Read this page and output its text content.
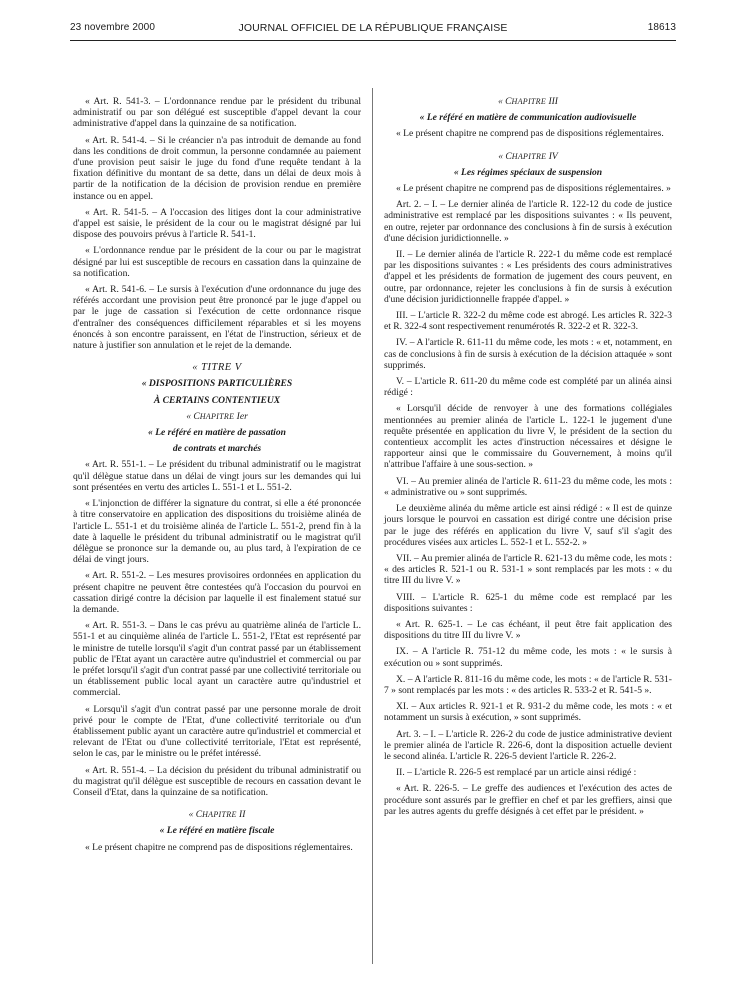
23 novembre 2000	JOURNAL OFFICIEL DE LA RÉPUBLIQUE FRANÇAISE	18613

« Art. R. 541-3. – L'ordonnance rendue par le président du tribunal administratif ou par son délégué est susceptible d'appel devant la cour administrative d'appel dans la quinzaine de sa notification.

« Art. R. 541-4. – Si le créancier n'a pas introduit de demande au fond dans les conditions de droit commun, la personne condamnée au paiement d'une provision peut saisir le juge du fond d'une requête tendant à la fixation définitive du montant de sa dette, dans un délai de deux mois à partir de la notification de la décision de provision rendue en première instance ou en appel.

« Art. R. 541-5. – A l'occasion des litiges dont la cour administrative d'appel est saisie, le président de la cour ou le magistrat désigné par lui dispose des pouvoirs prévus à l'article R. 541-1.

« L'ordonnance rendue par le président de la cour ou par le magistrat désigné par lui est susceptible de recours en cassation dans la quinzaine de sa notification.

« Art. R. 541-6. – Le sursis à l'exécution d'une ordonnance du juge des référés accordant une provision peut être prononcé par le juge d'appel ou par le juge de cassation si l'exécution de cette ordonnance risque d'entraîner des conséquences difficilement réparables et si les moyens énoncés à son encontre paraissent, en l'état de l'instruction, sérieux et de nature à justifier son annulation et le rejet de la demande.

« TITRE V

« DISPOSITIONS PARTICULIÈRES

À CERTAINS CONTENTIEUX

« CHAPITRE Ier

« Le référé en matière de passation

de contrats et marchés

« Art. R. 551-1. – Le président du tribunal administratif ou le magistrat qu'il délègue statue dans un délai de vingt jours sur les demandes qui lui sont présentées en vertu des articles L. 551-1 et L. 551-2.

« L'injonction de différer la signature du contrat, si elle a été prononcée à titre conservatoire en application des dispositions du troisième alinéa de l'article L. 551-1 et du troisième alinéa de l'article L. 551-2, prend fin à la date à laquelle le président du tribunal administratif ou le magistrat qu'il délègue se prononce sur la demande ou, au plus tard, à l'expiration de ce délai de vingt jours.

« Art. R. 551-2. – Les mesures provisoires ordonnées en application du présent chapitre ne peuvent être contestées qu'à l'occasion du pourvoi en cassation dirigé contre la décision par laquelle il est finalement statué sur la demande.

« Art. R. 551-3. – Dans le cas prévu au quatrième alinéa de l'article L. 551-1 et au cinquième alinéa de l'article L. 551-2, l'Etat est représenté par le ministre de tutelle lorsqu'il s'agit d'un contrat passé par un établissement public de l'Etat ayant un caractère autre qu'industriel et commercial ou par le préfet lorsqu'il s'agit d'un contrat passé par une collectivité territoriale ou un établissement public local ayant un caractère autre qu'industriel et commercial.

« Lorsqu'il s'agit d'un contrat passé par une personne morale de droit privé pour le compte de l'Etat, d'une collectivité territoriale ou d'un établissement public ayant un caractère autre qu'industriel et commercial et relevant de l'Etat ou d'une collectivité territoriale, l'Etat est représenté, selon le cas, par le ministre ou le préfet intéressé.

« Art. R. 551-4. – La décision du président du tribunal administratif ou du magistrat qu'il délègue est susceptible de recours en cassation devant le Conseil d'Etat, dans la quinzaine de sa notification.

« CHAPITRE II

« Le référé en matière fiscale

« Le présent chapitre ne comprend pas de dispositions réglementaires.

« CHAPITRE III

« Le référé en matière de communication audiovisuelle

« Le présent chapitre ne comprend pas de dispositions réglementaires.

« CHAPITRE IV

« Les régimes spéciaux de suspension

« Le présent chapitre ne comprend pas de dispositions réglementaires. »

Art. 2. – I. – Le dernier alinéa de l'article R. 122-12 du code de justice administrative est remplacé par les dispositions suivantes : « Ils peuvent, en outre, rejeter par ordonnance des conclusions à fin de sursis à exécution d'une décision juridictionnelle. »

II. – Le dernier alinéa de l'article R. 222-1 du même code est remplacé par les dispositions suivantes : « Les présidents des cours administratives d'appel et les présidents de formation de jugement des cours peuvent, en outre, par ordonnance, rejeter les conclusions à fin de sursis à exécution d'une décision juridictionnelle frappée d'appel. »

III. – L'article R. 322-2 du même code est abrogé. Les articles R. 322-3 et R. 322-4 sont respectivement renumérotés R. 322-2 et R. 322-3.

IV. – A l'article R. 611-11 du même code, les mots : « et, notamment, en cas de conclusions à fin de sursis à exécution de la décision attaquée » sont supprimés.

V. – L'article R. 611-20 du même code est complété par un alinéa ainsi rédigé :

« Lorsqu'il décide de renvoyer à une des formations collégiales mentionnées au premier alinéa de l'article L. 122-1 le jugement d'une requête présentée en application du livre V, le président de la section du contentieux accomplit les actes d'instruction nécessaires et désigne le rapporteur ainsi que le commissaire du Gouvernement, à moins qu'il n'attribue l'affaire à une sous-section. »

VI. – Au premier alinéa de l'article R. 611-23 du même code, les mots : « administrative ou » sont supprimés.

Le deuxième alinéa du même article est ainsi rédigé : « Il est de quinze jours lorsque le pourvoi en cassation est dirigé contre une décision prise par le juge des référés en application du livre V, sauf s'il s'agit des procédures visées aux articles L. 552-1 et L. 552-2. »

VII. – Au premier alinéa de l'article R. 621-13 du même code, les mots : « des articles R. 521-1 ou R. 531-1 » sont remplacés par les mots : « du titre III du livre V. »

VIII. – L'article R. 625-1 du même code est remplacé par les dispositions suivantes :

« Art. R. 625-1. – Le cas échéant, il peut être fait application des dispositions du titre III du livre V. »

IX. – A l'article R. 751-12 du même code, les mots : « le sursis à exécution ou » sont supprimés.

X. – A l'article R. 811-16 du même code, les mots : « de l'article R. 531-7 » sont remplacés par les mots : « des articles R. 533-2 et R. 541-5 ».

XI. – Aux articles R. 921-1 et R. 931-2 du même code, les mots : « et notamment un sursis à exécution, » sont supprimés.

Art. 3. – I. – L'article R. 226-2 du code de justice administrative devient le premier alinéa de l'article R. 226-6, dont la disposition actuelle devient le second alinéa. L'article R. 226-5 devient l'article R. 226-2.

II. – L'article R. 226-5 est remplacé par un article ainsi rédigé :

« Art. R. 226-5. – Le greffe des audiences et l'exécution des actes de procédure sont assurés par le greffier en chef et par les greffiers, ainsi que par les autres agents du greffe désignés à cet effet par le président. »
